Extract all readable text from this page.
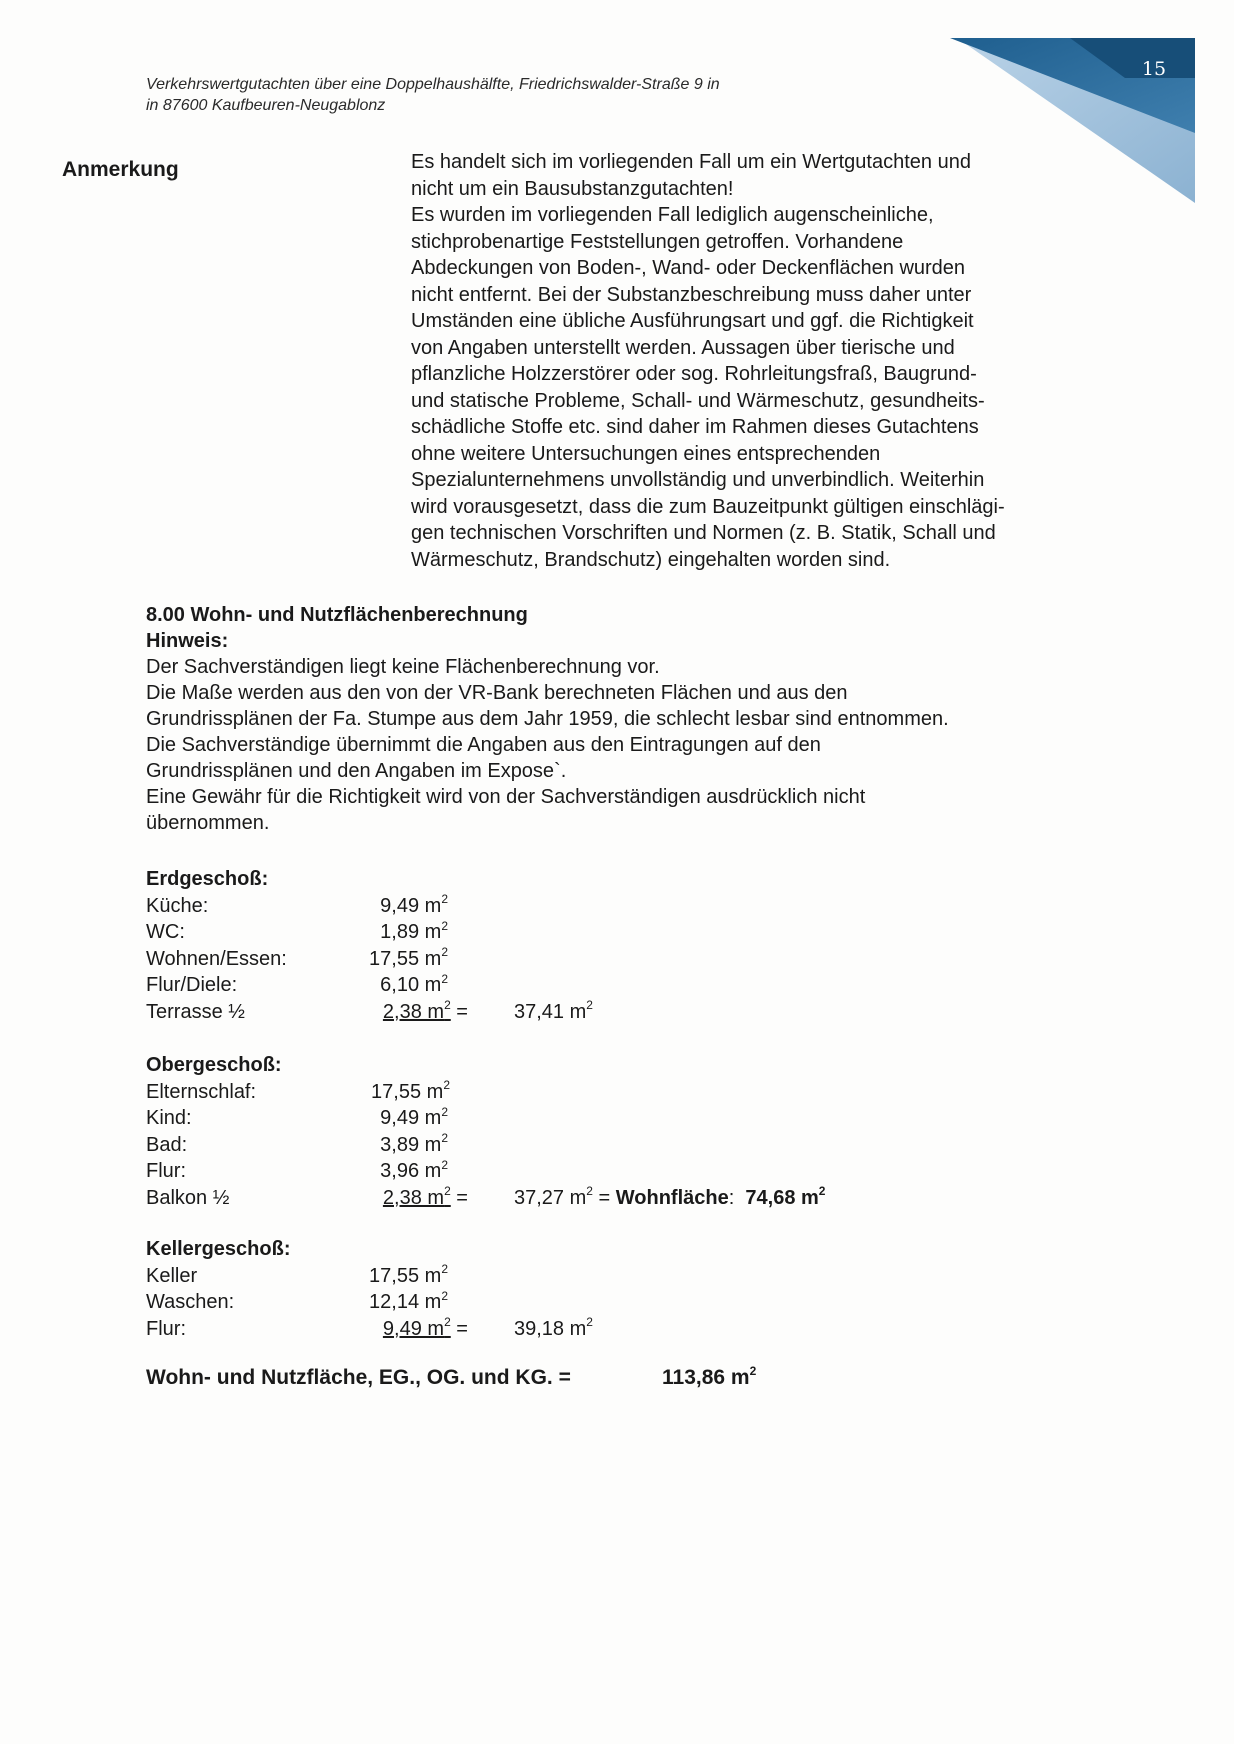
Verkehrswertgutachten über eine Doppelhaushälfte, Friedrichswalder-Straße 9 in
in 87600 Kaufbeuren-Neugablonz
15
Anmerkung	Es handelt sich im vorliegenden Fall um ein Wertgutachten und
nicht um ein Bausubstanzgutachten!
Es wurden im vorliegenden Fall lediglich augenscheinliche,
stichprobenartige Feststellungen getroffen. Vorhandene
Abdeckungen von Boden-, Wand- oder Deckenflächen wurden
nicht entfernt. Bei der Substanzbeschreibung muss daher unter
Umständen eine übliche Ausführungsart und ggf. die Richtigkeit
von Angaben unterstellt werden. Aussagen über tierische und
pflanzliche Holzzerstörer oder sog. Rohrleitungsfraß, Baugrund-
und statische Probleme, Schall- und Wärmeschutz, gesundheits-
schädliche Stoffe etc. sind daher im Rahmen dieses Gutachtens
ohne weitere Untersuchungen eines entsprechenden
Spezialunternehmens unvollständig und unverbindlich. Weiterhin
wird vorausgesetzt, dass die zum Bauzeitpunkt gültigen einschlägi-
gen technischen Vorschriften und Normen (z. B. Statik, Schall und
Wärmeschutz, Brandschutz) eingehalten worden sind.
8.00 Wohn- und Nutzflächenberechnung
Hinweis:
Der Sachverständigen liegt keine Flächenberechnung vor.
Die Maße werden aus den von der VR-Bank berechneten Flächen und aus den
Grundrissplänen der Fa. Stumpe aus dem Jahr 1959, die schlecht lesbar sind entnommen.
Die Sachverständige übernimmt die Angaben aus den Eintragungen auf den
Grundrissplänen und den Angaben im Expose`.
Eine Gewähr für die Richtigkeit wird von der Sachverständigen ausdrücklich nicht
übernommen.
Erdgeschoß:
Küche:	9,49 $m^2$
WC:	1,89 $m^2$
Wohnen/Essen:	17,55 $m^2$
Flur/Diele:	6,10 $m^2$
Terrasse ½	2,38 $m^2 = 37,41$ $m^2$
Obergeschoß:
Elternschlaf:	17,55 $m^2$
Kind:	9,49 $m^2$
Bad:	3,89 $m^2$
Flur:	3,96 $m^2$
Balkon ½	2,38 $m^2 = 37,27$ $m^2$ = Wohnfläche: 74,68 $m^2$
Kellergeschoß:
Keller	17,55 $m^2$
Waschen:	12,14 $m^2$
Flur:	9,49 $m^2 = 39,18$ $m^2$
Wohn- und Nutzfläche, EG., OG. und KG. =	113,86 $m^2$
